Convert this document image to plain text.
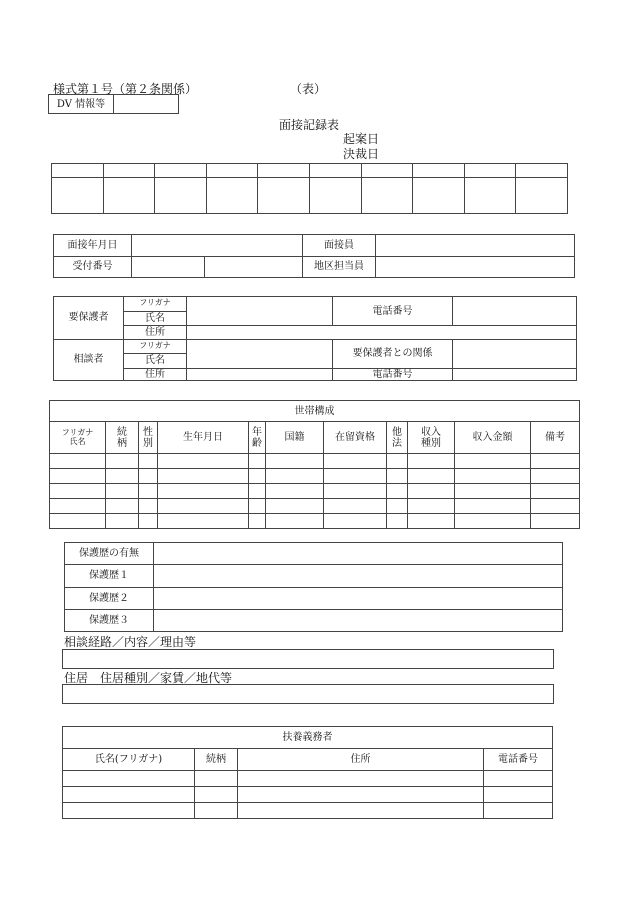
様式第１号（第２条関係）	（表）
DV 情報等	
面接記録表
起案日
決裁日

面接年月日			面接員	
受付番号			地区担当員	
要保護者	フリガナ		電話番号	
	氏名			
	住所			
相談者	フリガナ		要保護者との関係	
	氏名			
	住所		電話番号	
世帯構成										
フリガナ
氏名	続柄	性別	生年月日	年齢	国籍	在留資格	他法	収入種別	収入金額	備考

保護歴の有無	
保護歴１	
保護歴２	
保護歴３	
相談経路／内容／理由等
住居　住居種別／家賃／地代等
扶養義務者			
氏名(フリガナ)	続柄	住所	電話番号
